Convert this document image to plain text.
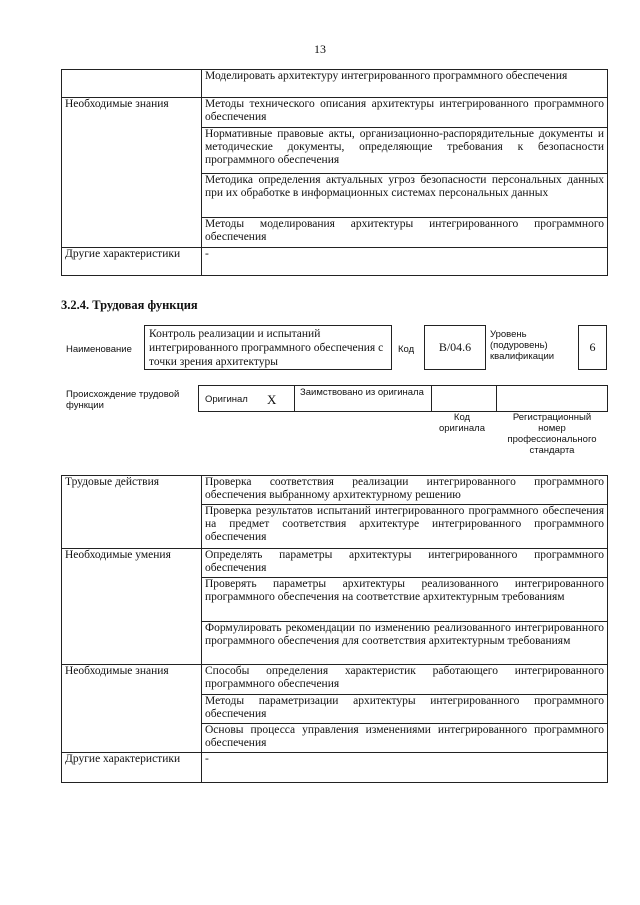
13
	Моделировать архитектуру интегрированного программного обеспечения
Необходимые знания	Методы технического описания архитектуры интегрированного программного обеспечения
	Нормативные правовые акты, организационно-распорядительные документы и методические документы, определяющие требования к безопасности программного обеспечения
	Методика определения актуальных угроз безопасности персональных данных при их обработке в информационных системах персональных данных
	Методы моделирования архитектуры интегрированного программного обеспечения
Другие характеристики	-
3.2.4. Трудовая функция
Наименование
Контроль реализации и испытаний интегрированного программного обеспечения с точки зрения архитектуры
Код	B/04.6
Уровень (подуровень) квалификации
6
Происхождение трудовой функции
Оригинал X Заимствовано из оригинала
Код оригинала
Регистрационный номер профессионального стандарта
Трудовые действия	Проверка соответствия реализации интегрированного программного обеспечения выбранному архитектурному решению
	Проверка результатов испытаний интегрированного программного обеспечения на предмет соответствия архитектуре интегрированного программного обеспечения
Необходимые умения	Определять параметры архитектуры интегрированного программного обеспечения
	Проверять параметры архитектуры реализованного интегрированного программного обеспечения на соответствие архитектурным требованиям
	Формулировать рекомендации по изменению реализованного интегрированного программного обеспечения для соответствия архитектурным требованиям
Необходимые знания	Способы определения характеристик работающего интегрированного программного обеспечения
	Методы параметризации архитектуры интегрированного программного обеспечения
	Основы процесса управления изменениями интегрированного программного обеспечения
Другие характеристики	-
